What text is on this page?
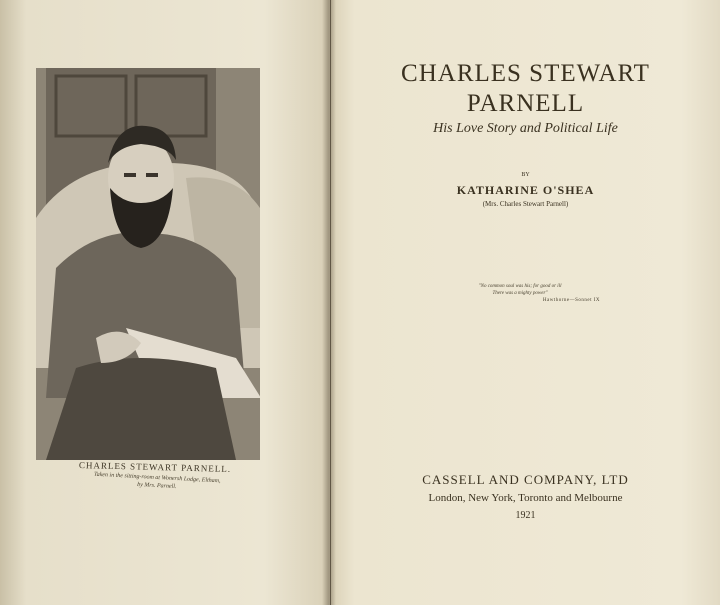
CHARLES STEWART PARNELL.
Taken in the sitting-room at Wonersh Lodge, Eltham,
by Mrs. Parnell.
CHARLES STEWART
PARNELL
His Love Story and Political Life
BY
KATHARINE O'SHEA
(Mrs. Charles Stewart Parnell)
"No common soul was his; for good or ill
There was a mighty power"
Hawthorne—Sonnet IX
CASSELL AND COMPANY, LTD
London, New York, Toronto and Melbourne
1921
